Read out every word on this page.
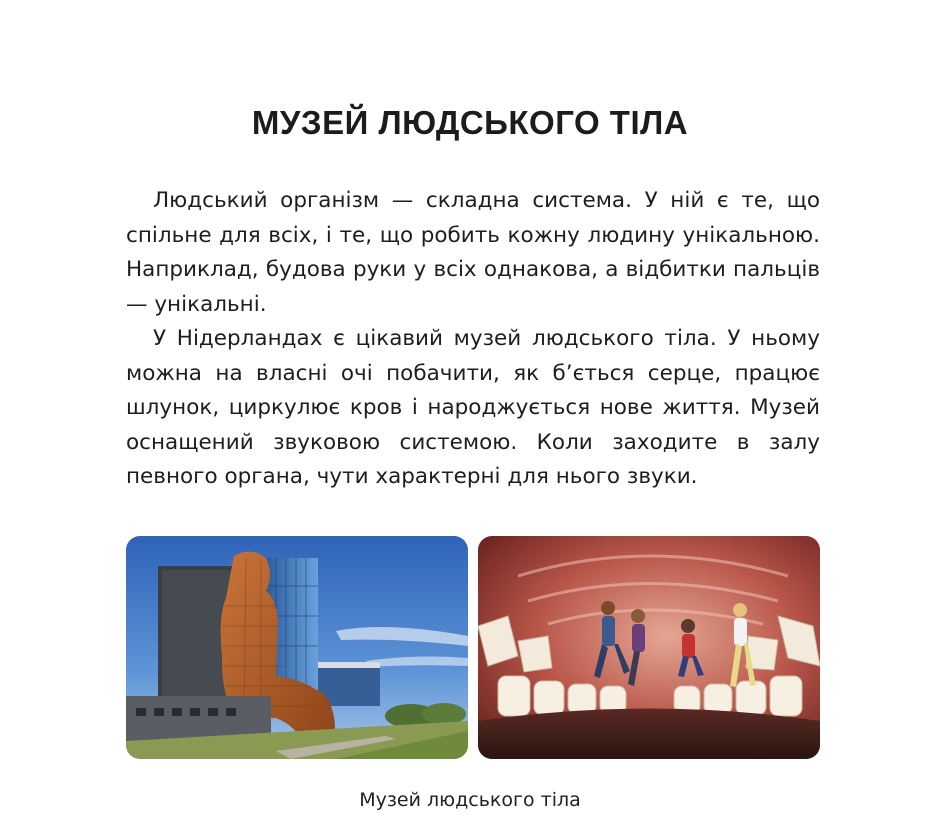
МУЗЕЙ ЛЮДСЬКОГО ТІЛА

Людський організм — складна система. У ній є те, що спільне для всіх, і те, що робить кожну людину унікальною. Наприклад, будова руки у всіх однакова, а відбитки пальців — унікальні.

У Нідерландах є цікавий музей людського тіла. У ньому можна на власні очі побачити, як б’ється серце, працює шлунок, циркулює кров і народжується нове життя. Музей оснащений звуковою системою. Коли заходите в залу певного органа, чути характерні для нього звуки.

Музей людського тіла
